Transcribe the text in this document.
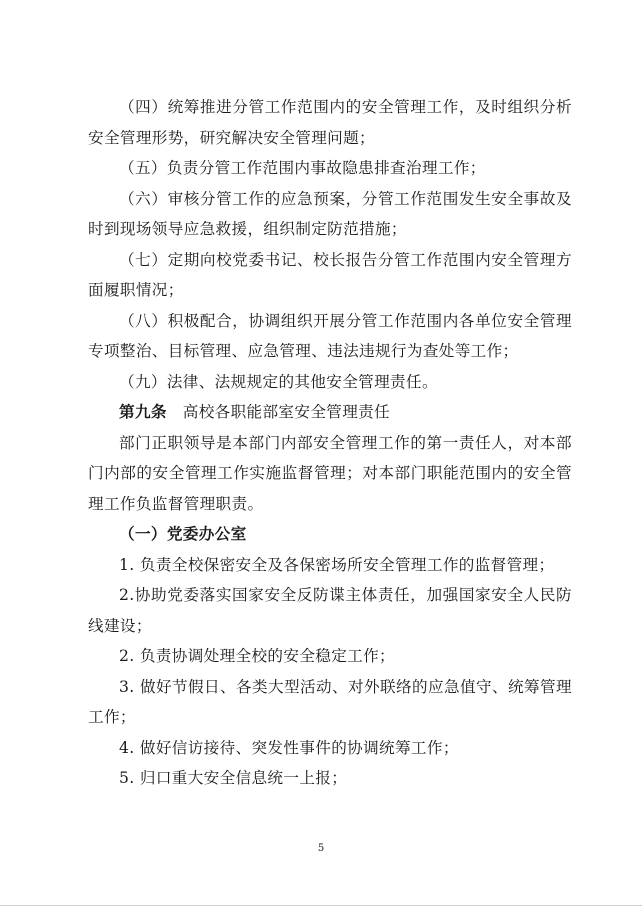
（四）统筹推进分管工作范围内的安全管理工作，及时组织分析安全管理形势，研究解决安全管理问题；

（五）负责分管工作范围内事故隐患排查治理工作；

（六）审核分管工作的应急预案，分管工作范围发生安全事故及时到现场领导应急救援，组织制定防范措施；

（七）定期向校党委书记、校长报告分管工作范围内安全管理方面履职情况；

（八）积极配合，协调组织开展分管工作范围内各单位安全管理专项整治、目标管理、应急管理、违法违规行为查处等工作；

（九）法律、法规规定的其他安全管理责任。

第九条 高校各职能部室安全管理责任

部门正职领导是本部门内部安全管理工作的第一责任人，对本部门内部的安全管理工作实施监督管理；对本部门职能范围内的安全管理工作负监督管理职责。

（一）党委办公室

1. 负责全校保密安全及各保密场所安全管理工作的监督管理；

2.协助党委落实国家安全反防谍主体责任，加强国家安全人民防线建设；

2. 负责协调处理全校的安全稳定工作；

3. 做好节假日、各类大型活动、对外联络的应急值守、统筹管理工作；

4. 做好信访接待、突发性事件的协调统筹工作；

5. 归口重大安全信息统一上报；

5
